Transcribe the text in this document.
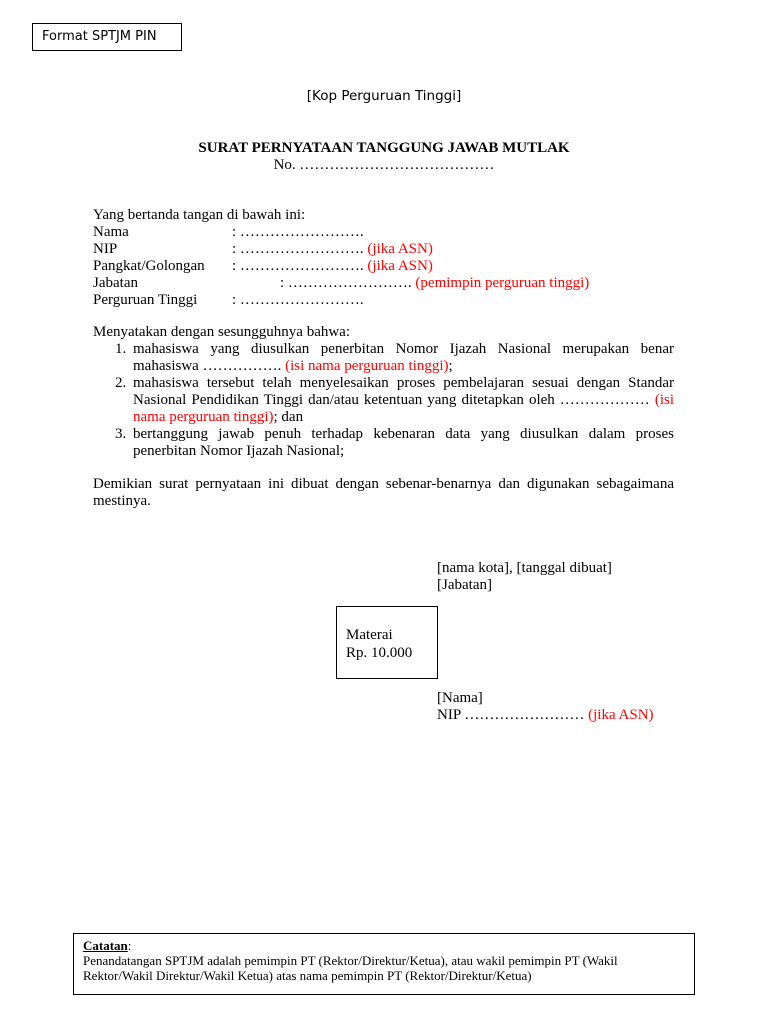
Format SPTJM PIN
[Kop Perguruan Tinggi]
SURAT PERNYATAAN TANGGUNG JAWAB MUTLAK
No. …………………………………
Yang bertanda tangan di bawah ini:
Nama	: …………………….
NIP	: ……………………. (jika ASN)
Pangkat/Golongan : ……………………. (jika ASN)
Jabatan	: ……………………. (pemimpin perguruan tinggi)
Perguruan Tinggi : …………………….
Menyatakan dengan sesungguhnya bahwa:
1. mahasiswa yang diusulkan penerbitan Nomor Ijazah Nasional merupakan benar mahasiswa ……………. (isi nama perguruan tinggi);
2. mahasiswa tersebut telah menyelesaikan proses pembelajaran sesuai dengan Standar Nasional Pendidikan Tinggi dan/atau ketentuan yang ditetapkan oleh ……………… (isi nama perguruan tinggi); dan
3. bertanggung jawab penuh terhadap kebenaran data yang diusulkan dalam proses penerbitan Nomor Ijazah Nasional;
Demikian surat pernyataan ini dibuat dengan sebenar-benarnya dan digunakan sebagaimana mestinya.
[nama kota], [tanggal dibuat]
[Jabatan]
Materai
Rp. 10.000
[Nama]
NIP …………………… (jika ASN)
Catatan:
Penandatangan SPTJM adalah pemimpin PT (Rektor/Direktur/Ketua), atau wakil pemimpin PT (Wakil Rektor/Wakil Direktur/Wakil Ketua) atas nama pemimpin PT (Rektor/Direktur/Ketua)
